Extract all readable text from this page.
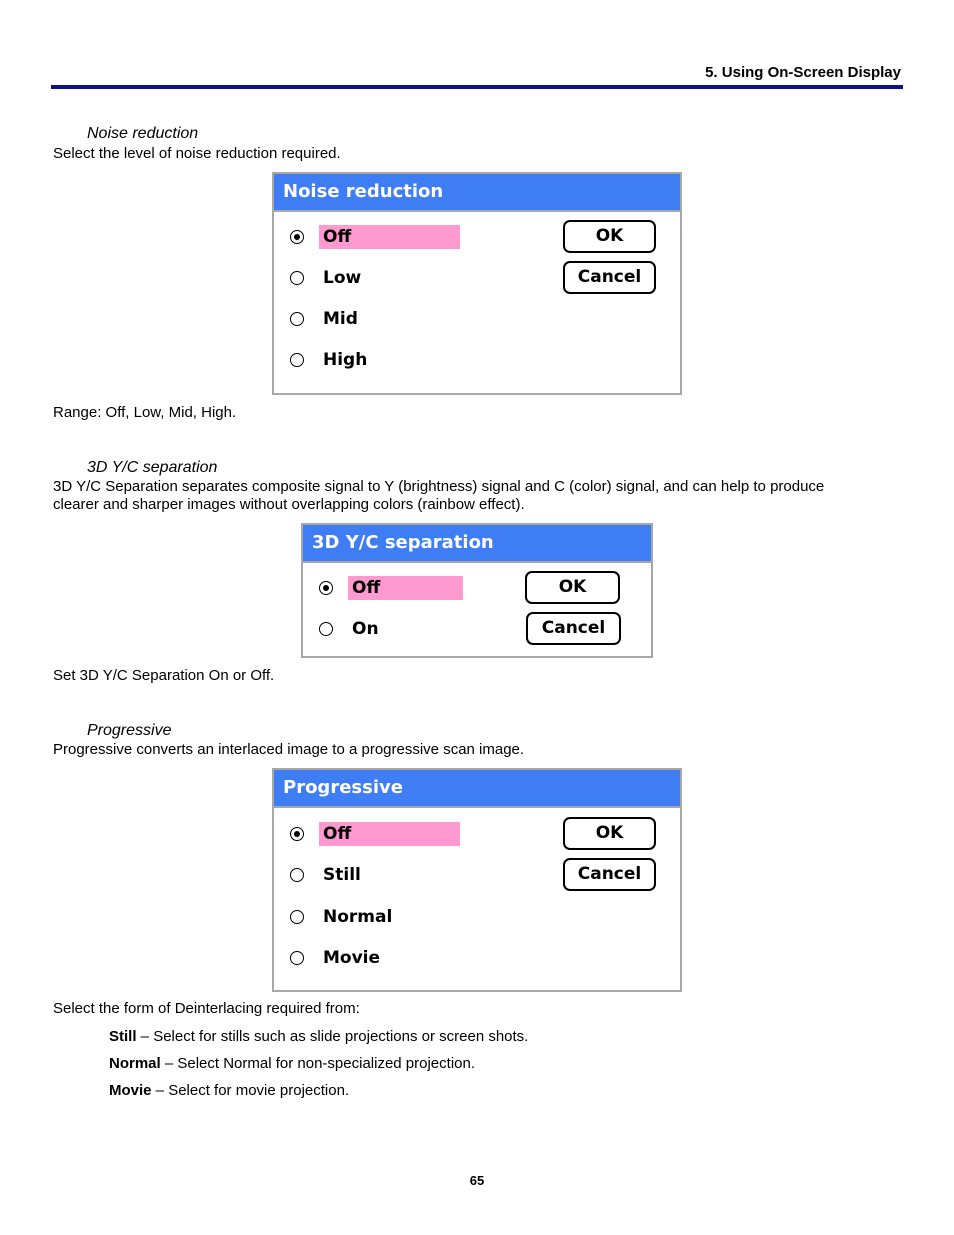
5. Using On-Screen Display
Noise reduction
Select the level of noise reduction required.
Noise reduction
Off
Low
Mid
High
OK
Cancel
Range: Off, Low, Mid, High.
3D Y/C separation
3D Y/C Separation separates composite signal to Y (brightness) signal and C (color) signal, and can help to produce clearer and sharper images without overlapping colors (rainbow effect).
3D Y/C separation
Off
On
OK
Cancel
Set 3D Y/C Separation On or Off.
Progressive
Progressive converts an interlaced image to a progressive scan image.
Progressive
Off
Still
Normal
Movie
OK
Cancel
Select the form of Deinterlacing required from:
Still – Select for stills such as slide projections or screen shots.
Normal – Select Normal for non-specialized projection.
Movie – Select for movie projection.
65
